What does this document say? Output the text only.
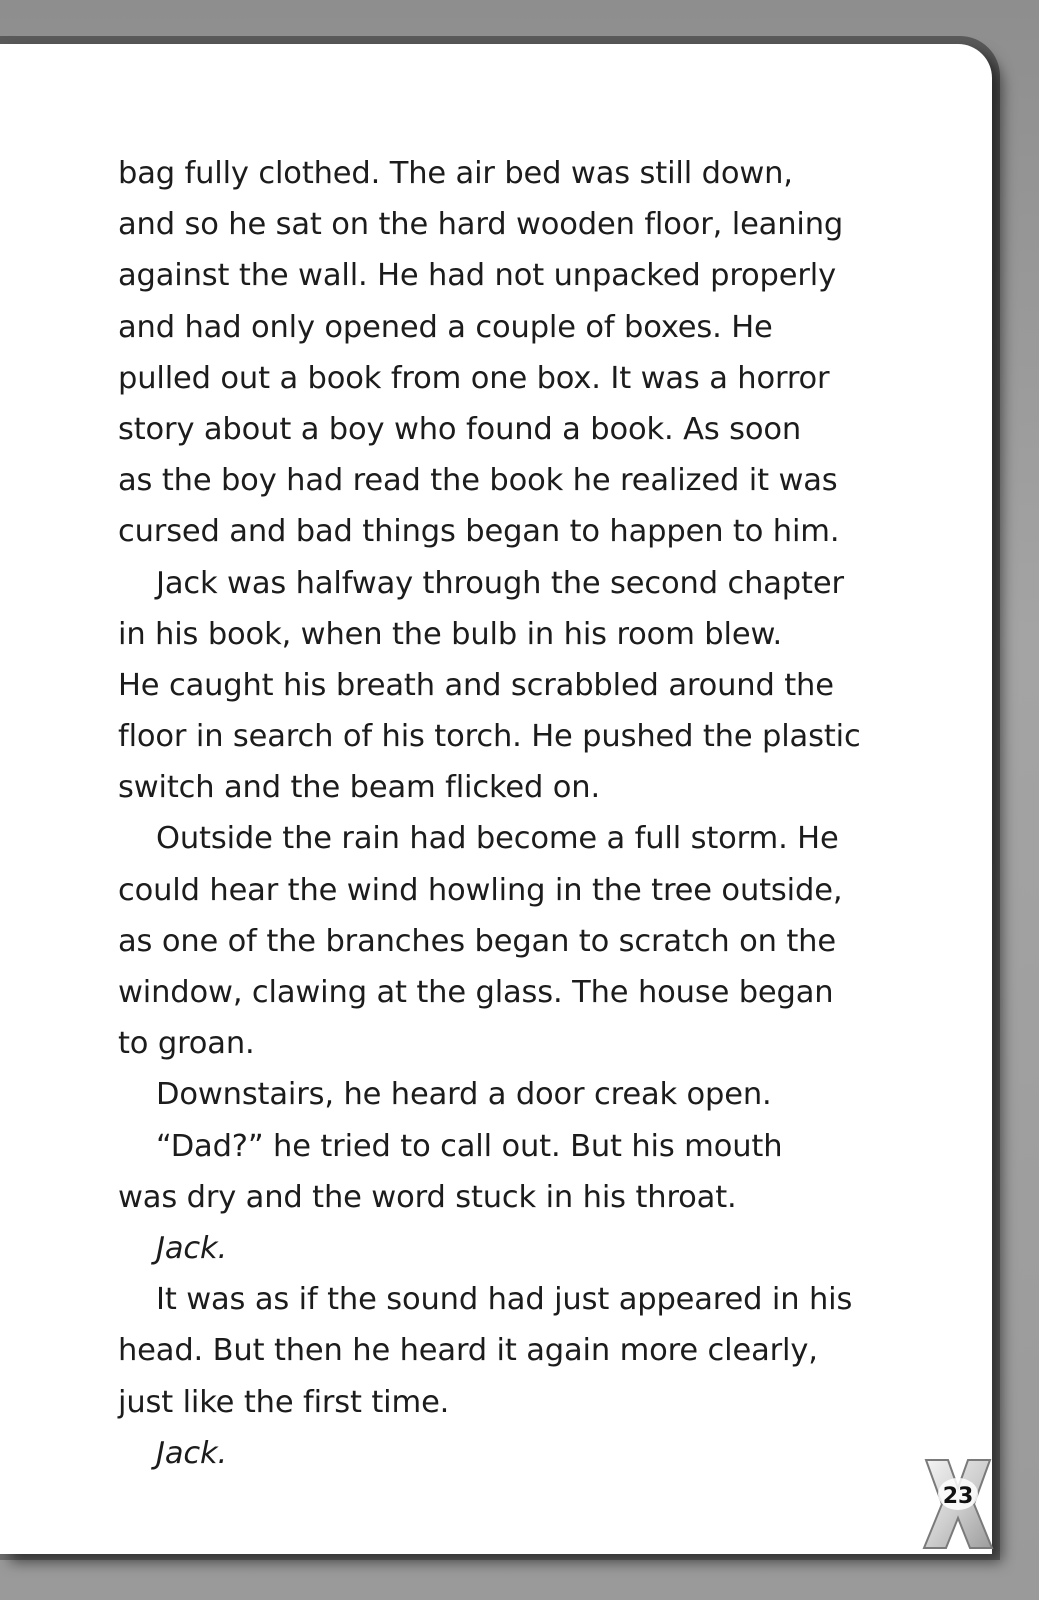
bag fully clothed. The air bed was still down,
and so he sat on the hard wooden floor, leaning
against the wall. He had not unpacked properly
and had only opened a couple of boxes. He
pulled out a book from one box. It was a horror
story about a boy who found a book. As soon
as the boy had read the book he realized it was
cursed and bad things began to happen to him.
Jack was halfway through the second chapter
in his book, when the bulb in his room blew.
He caught his breath and scrabbled around the
floor in search of his torch. He pushed the plastic
switch and the beam flicked on.
Outside the rain had become a full storm. He
could hear the wind howling in the tree outside,
as one of the branches began to scratch on the
window, clawing at the glass. The house began
to groan.
Downstairs, he heard a door creak open.
“Dad?” he tried to call out. But his mouth
was dry and the word stuck in his throat.
Jack.
It was as if the sound had just appeared in his
head. But then he heard it again more clearly,
just like the first time.
Jack.
23
